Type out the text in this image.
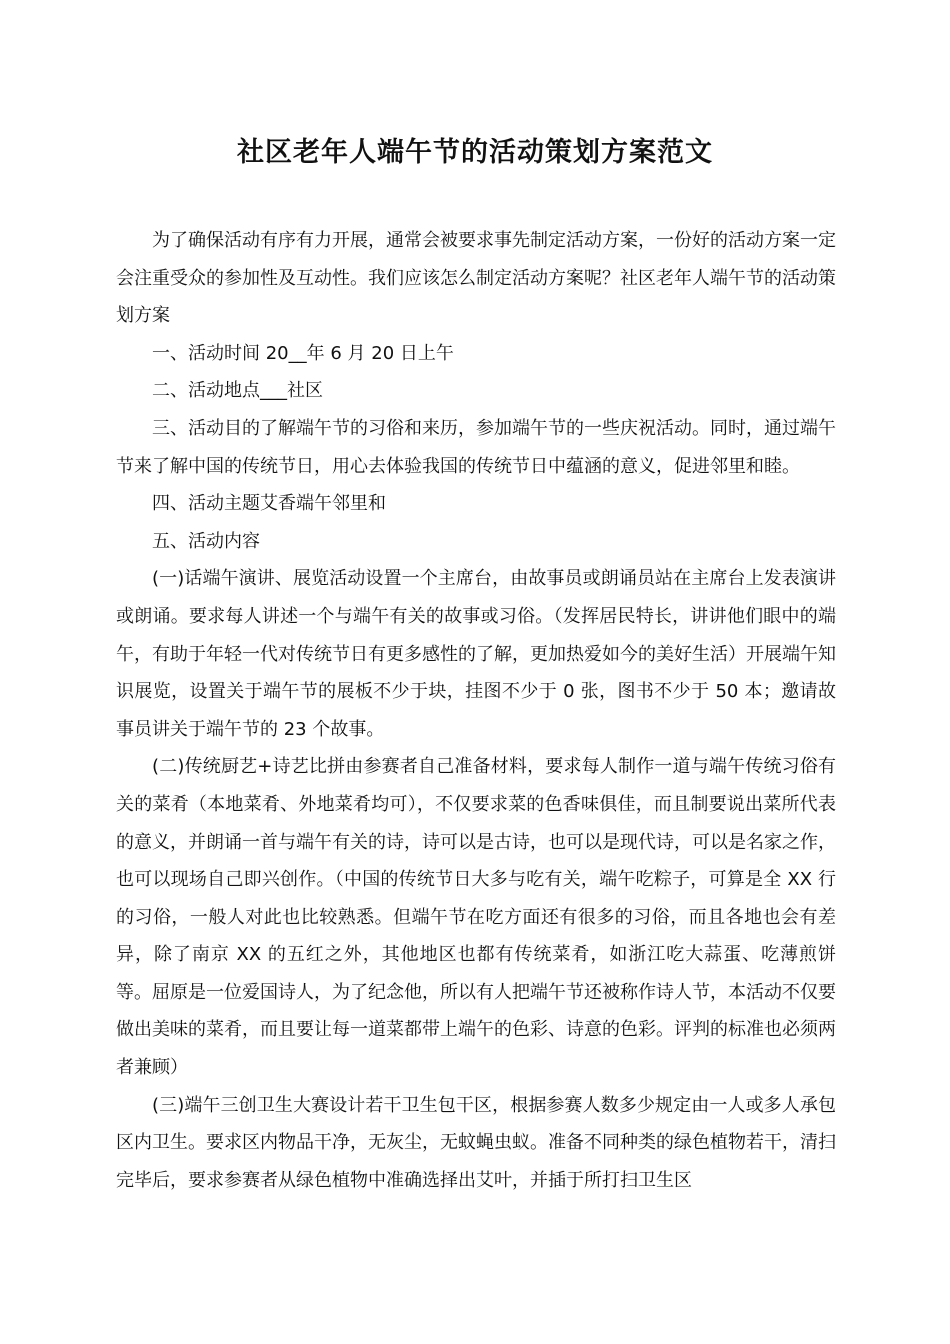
社区老年人端午节的活动策划方案范文

为了确保活动有序有力开展，通常会被要求事先制定活动方案，一份好的活动方案一定会注重受众的参加性及互动性。我们应该怎么制定活动方案呢？社区老年人端午节的活动策划方案

一、活动时间 20__年 6 月 20 日上午

二、活动地点___社区

三、活动目的了解端午节的习俗和来历，参加端午节的一些庆祝活动。同时，通过端午节来了解中国的传统节日，用心去体验我国的传统节日中蕴涵的意义，促进邻里和睦。

四、活动主题艾香端午邻里和

五、活动内容

(一)话端午演讲、展览活动设置一个主席台，由故事员或朗诵员站在主席台上发表演讲或朗诵。要求每人讲述一个与端午有关的故事或习俗。（发挥居民特长，讲讲他们眼中的端午，有助于年轻一代对传统节日有更多感性的了解，更加热爱如今的美好生活）开展端午知识展览，设置关于端午节的展板不少于块，挂图不少于 0 张，图书不少于 50 本；邀请故事员讲关于端午节的 23 个故事。

(二)传统厨艺+诗艺比拼由参赛者自己准备材料，要求每人制作一道与端午传统习俗有关的菜肴（本地菜肴、外地菜肴均可），不仅要求菜的色香味俱佳，而且制要说出菜所代表的意义，并朗诵一首与端午有关的诗，诗可以是古诗，也可以是现代诗，可以是名家之作，也可以现场自己即兴创作。（中国的传统节日大多与吃有关，端午吃粽子，可算是全 XX 行的习俗，一般人对此也比较熟悉。但端午节在吃方面还有很多的习俗，而且各地也会有差异，除了南京 XX 的五红之外，其他地区也都有传统菜肴，如浙江吃大蒜蛋、吃薄煎饼等。屈原是一位爱国诗人，为了纪念他，所以有人把端午节还被称作诗人节，本活动不仅要做出美味的菜肴，而且要让每一道菜都带上端午的色彩、诗意的色彩。评判的标准也必须两者兼顾）

(三)端午三创卫生大赛设计若干卫生包干区，根据参赛人数多少规定由一人或多人承包区内卫生。要求区内物品干净，无灰尘，无蚊蝇虫蚁。准备不同种类的绿色植物若干，清扫完毕后，要求参赛者从绿色植物中准确选择出艾叶，并插于所打扫卫生区
